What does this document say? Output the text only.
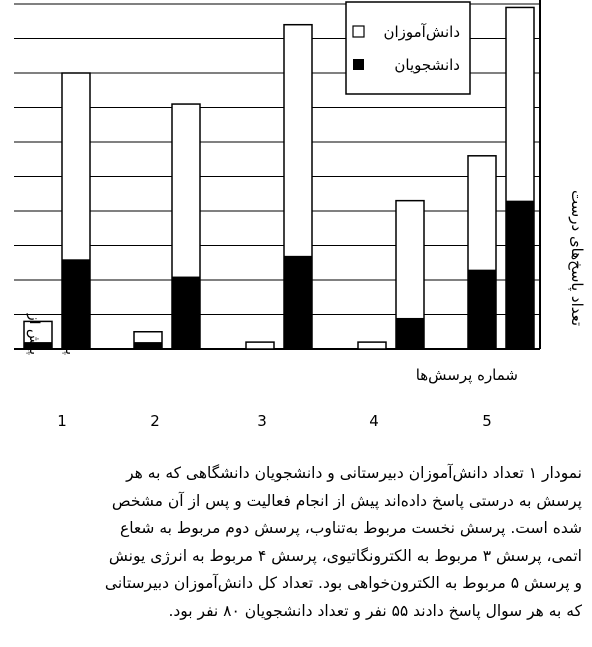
دانش‌آموزان
دانشجویان
تعداد پاسخ‌های درست
شماره پرسش‌ها
پیش از پس از
1	2	3	4	5
نمودار ۱ تعداد دانش‌آموزان دبیرستانی و دانشجویان دانشگاهی که به هر
پرسش به درستی پاسخ داده‌اند پیش از انجام فعالیت و پس از آن مشخص
شده است. پرسش نخست مربوط به‌تناوب، پرسش دوم مربوط به شعاع
اتمی، پرسش ۳ مربوط به الکترونگاتیوی، پرسش ۴ مربوط به انرژی یونش
و پرسش ۵ مربوط به الکترون‌خواهی بود. تعداد کل دانش‌آموزان دبیرستانی
که به هر سوال پاسخ دادند ۵۵ نفر و تعداد دانشجویان ۸۰ نفر بود.
